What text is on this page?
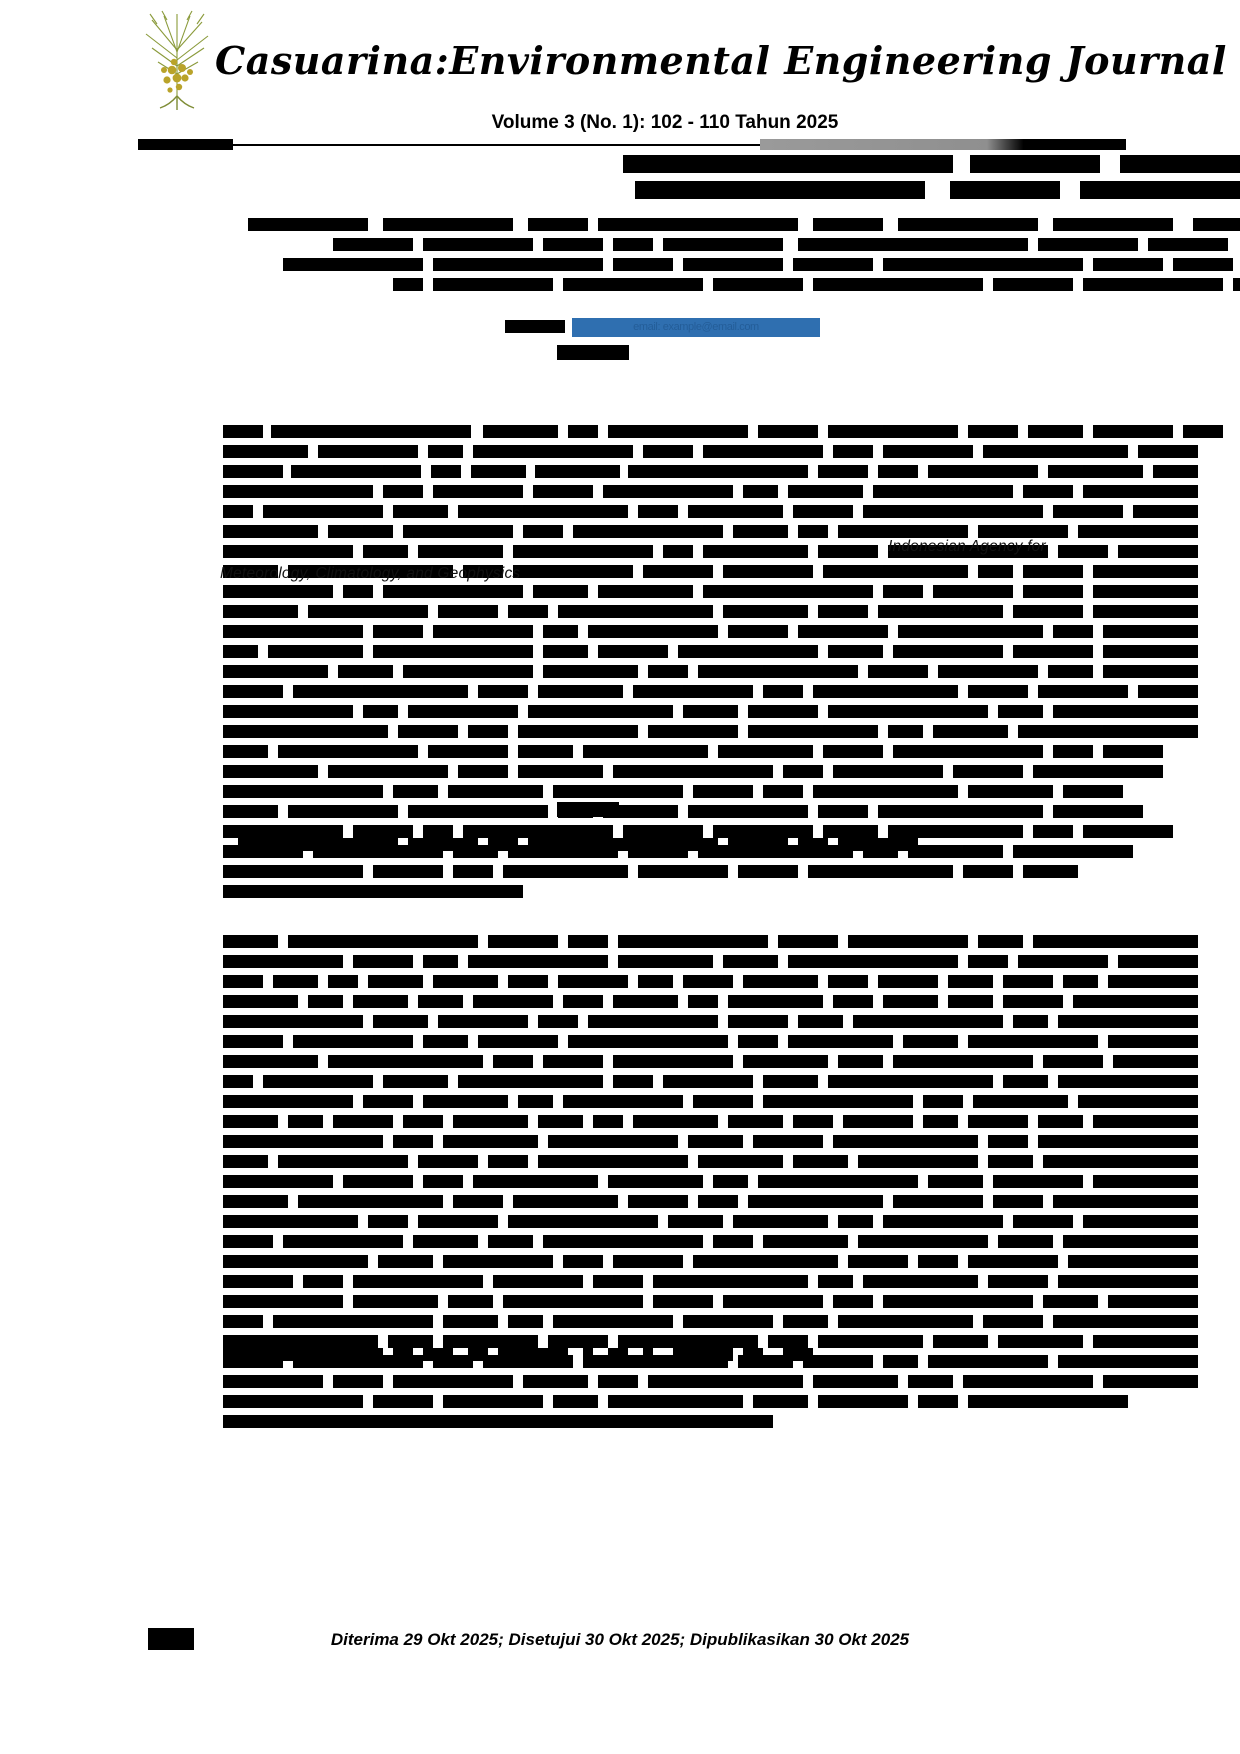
Casuarina:Environmental Engineering Journal
Volume 3 (No. 1): 102 - 110 Tahun 2025
email: example@email.com
Indonesian Agency for
Meteorology, Climatology, and Geophysics
Diterima 29 Okt 2025; Disetujui 30 Okt 2025; Dipublikasikan 30 Okt 2025
